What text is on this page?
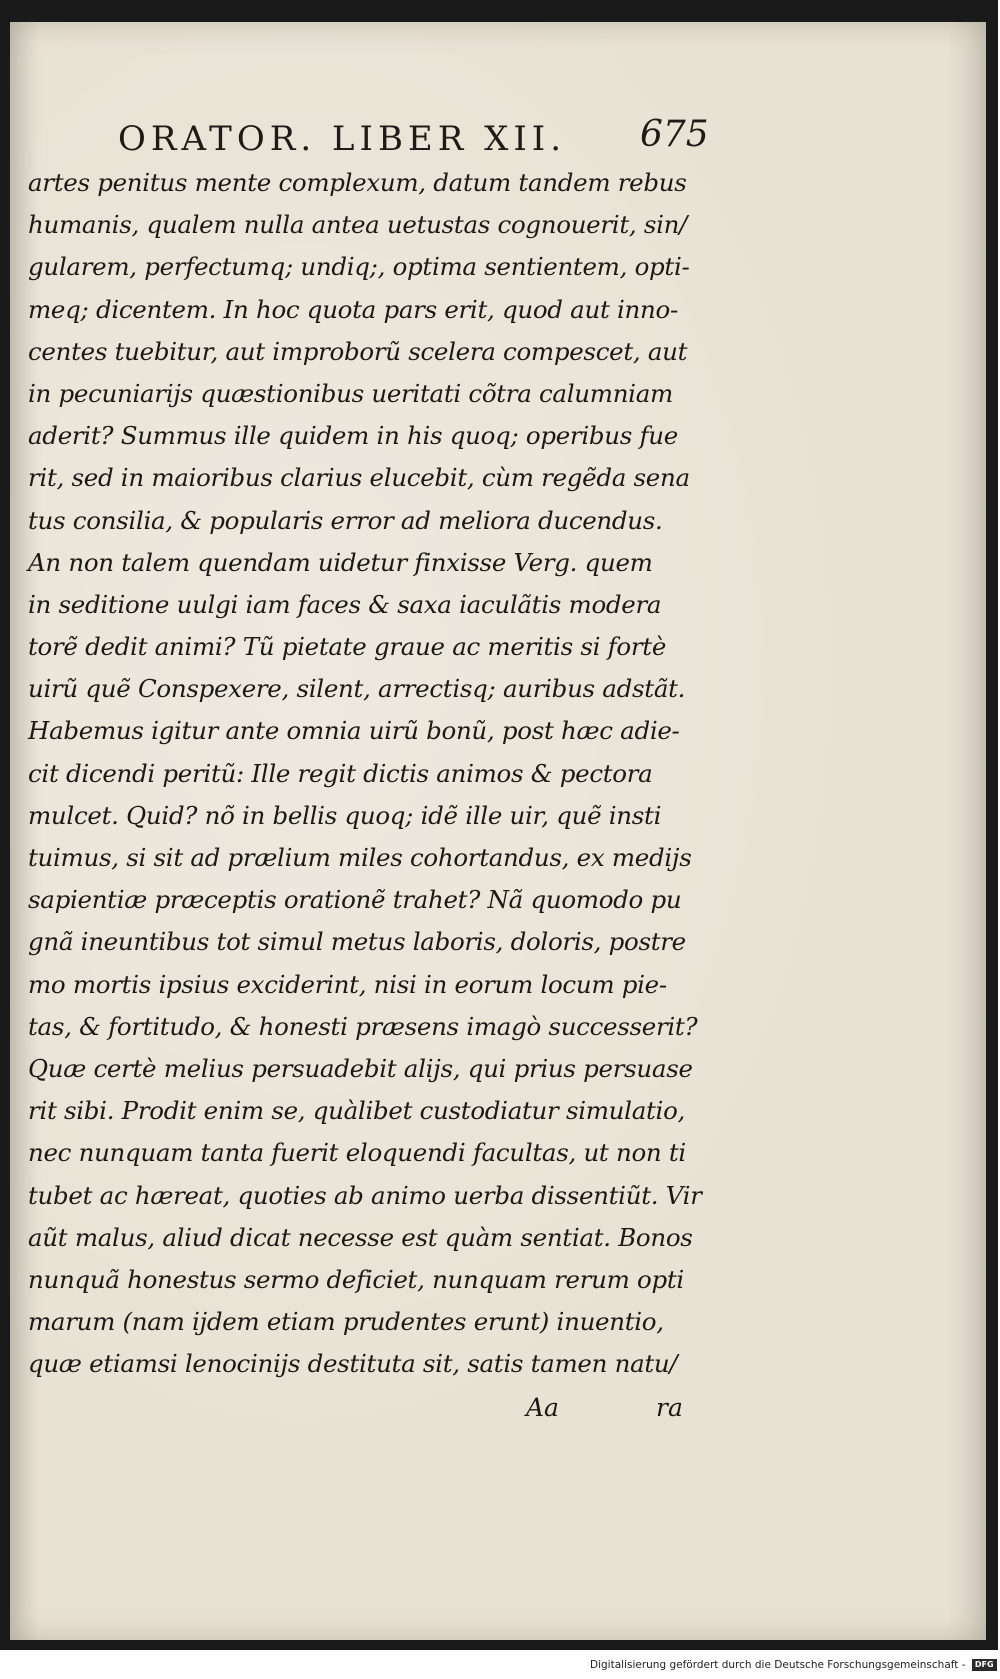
ORATOR. LIBER XII.	675
artes penitus mente complexum, datum tandem rebus
humanis, qualem nulla antea uetustas cognouerit, sin/
gularem, perfectumq; undiq;, optima sentientem, opti-
meq; dicentem. In hoc quota pars erit, quod aut inno-
centes tuebitur, aut improborũ scelera compescet, aut
in pecuniarijs quæstionibus ueritati cõtra calumniam
aderit? Summus ille quidem in his quoq; operibus fue
rit, sed in maioribus clarius elucebit, cùm regẽda sena
tus consilia, & popularis error ad meliora ducendus.
An non talem quendam uidetur finxisse Verg. quem
in seditione uulgi iam faces & saxa iaculãtis modera
torẽ dedit animi? Tũ pietate graue ac meritis si fortè
uirũ quẽ Conspexere, silent, arrectisq; auribus adstãt.
Habemus igitur ante omnia uirũ bonũ, post hæc adie-
cit dicendi peritũ: Ille regit dictis animos & pectora
mulcet. Quid? nõ in bellis quoq; idẽ ille uir, quẽ insti
tuimus, si sit ad prælium miles cohortandus, ex medijs
sapientiæ præceptis orationẽ trahet? Nã quomodo pu
gnã ineuntibus tot simul metus laboris, doloris, postre
mo mortis ipsius exciderint, nisi in eorum locum pie-
tas, & fortitudo, & honesti præsens imagò successerit?
Quæ certè melius persuadebit alijs, qui prius persuase
rit sibi. Prodit enim se, quàlibet custodiatur simulatio,
nec nunquam tanta fuerit eloquendi facultas, ut non ti
tubet ac hæreat, quoties ab animo uerba dissentiũt. Vir
aũt malus, aliud dicat necesse est quàm sentiat. Bonos
nunquã honestus sermo deficiet, nunquam rerum opti
marum (nam ijdem etiam prudentes erunt) inuentio,
quæ etiamsi lenocinijs destituta sit, satis tamen natu/
Aa	ra
Digitalisierung gefördert durch die Deutsche Forschungsgemeinschaft - DFG
